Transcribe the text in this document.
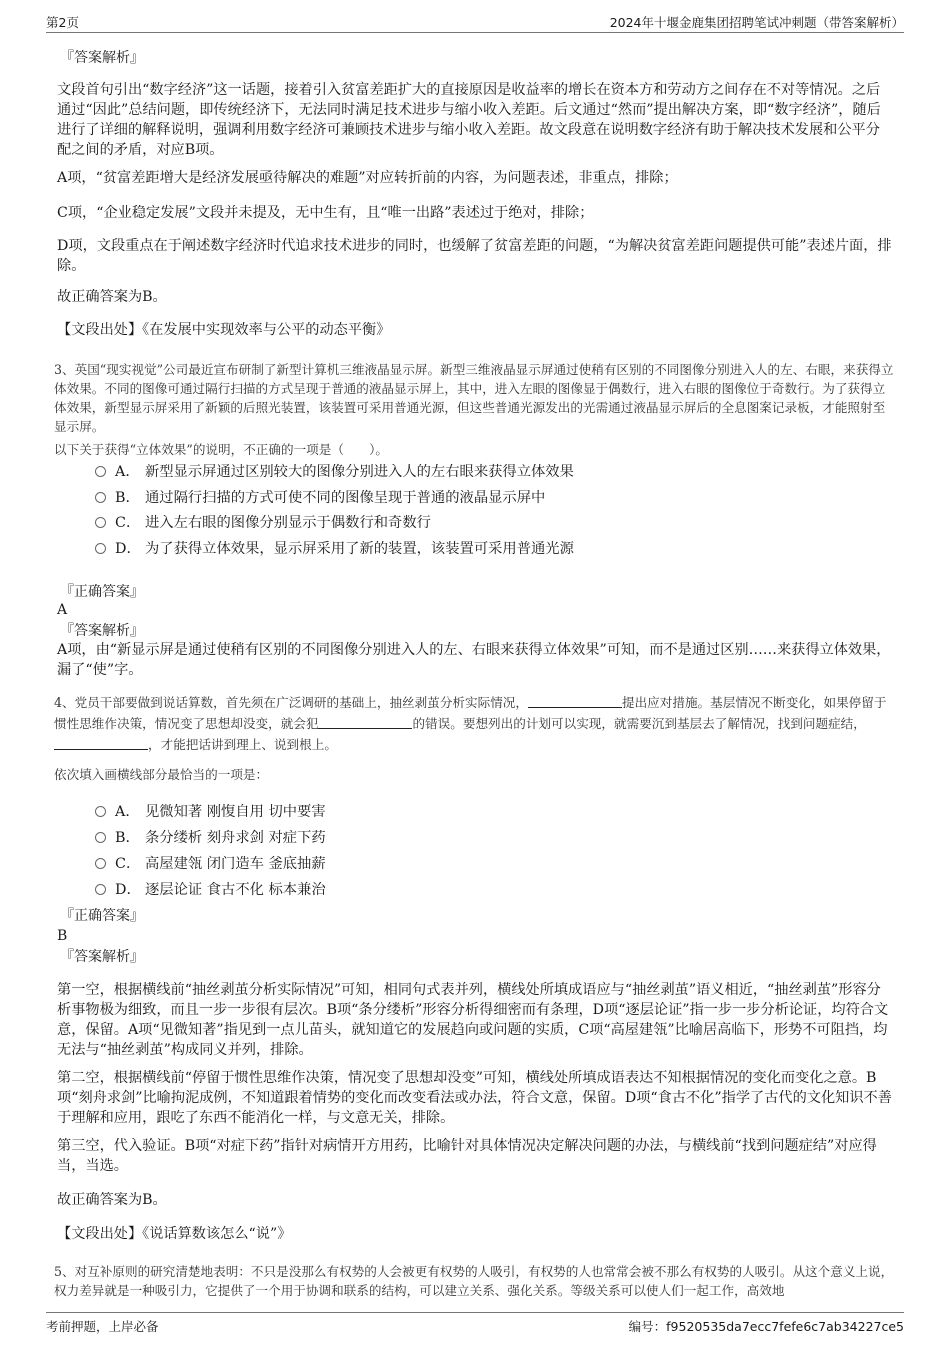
第2页	2024年十堰金鹿集团招聘笔试冲刺题（带答案解析）
『答案解析』
文段首句引出“数字经济”这一话题，接着引入贫富差距扩大的直接原因是收益率的增长在资本方和劳动方之间存在不对等情况。之后通过“因此”总结问题，即传统经济下，无法同时满足技术进步与缩小收入差距。后文通过“然而”提出解决方案，即“数字经济”，随后进行了详细的解释说明，强调利用数字经济可兼顾技术进步与缩小收入差距。故文段意在说明数字经济有助于解决技术发展和公平分配之间的矛盾，对应B项。
A项，“贫富差距增大是经济发展亟待解决的难题”对应转折前的内容，为问题表述，非重点，排除；
C项，“企业稳定发展”文段并未提及，无中生有，且“唯一出路”表述过于绝对，排除；
D项，文段重点在于阐述数字经济时代追求技术进步的同时，也缓解了贫富差距的问题，“为解决贫富差距问题提供可能”表述片面，排除。
故正确答案为B。
【文段出处】《在发展中实现效率与公平的动态平衡》
3、英国“现实视觉”公司最近宣布研制了新型计算机三维液晶显示屏。新型三维液晶显示屏通过使稍有区别的不同图像分别进入人的左、右眼，来获得立体效果。不同的图像可通过隔行扫描的方式呈现于普通的液晶显示屏上，其中，进入左眼的图像显于偶数行，进入右眼的图像位于奇数行。为了获得立体效果，新型显示屏采用了新颖的后照光装置，该装置可采用普通光源，但这些普通光源发出的光需通过液晶显示屏后的全息图案记录板，才能照射至显示屏。
以下关于获得“立体效果”的说明，不正确的一项是（　　）。
A． 新型显示屏通过区别较大的图像分别进入人的左右眼来获得立体效果
B． 通过隔行扫描的方式可使不同的图像呈现于普通的液晶显示屏中
C． 进入左右眼的图像分别显示于偶数行和奇数行
D． 为了获得立体效果，显示屏采用了新的装置，该装置可采用普通光源
『正确答案』
A
『答案解析』
A项，由“新显示屏是通过使稍有区别的不同图像分别进入人的左、右眼来获得立体效果”可知，而不是通过区别……来获得立体效果，漏了“使”字。
4、党员干部要做到说话算数，首先须在广泛调研的基础上，抽丝剥茧分析实际情况，	提出应对措施。基层情况不断变化，如果停留于惯性思维作决策，情况变了思想却没变，就会犯	的错误。要想列出的计划可以实现，就需要沉到基层去了解情况，找到问题症结，，才能把话讲到理上、说到根上。
依次填入画横线部分最恰当的一项是：
A． 见微知著 刚愎自用 切中要害
B． 条分缕析 刻舟求剑 对症下药
C． 高屋建瓴 闭门造车 釜底抽薪
D． 逐层论证 食古不化 标本兼治
『正确答案』
B
『答案解析』
第一空，根据横线前“抽丝剥茧分析实际情况”可知，相同句式表并列，横线处所填成语应与“抽丝剥茧”语义相近，“抽丝剥茧”形容分析事物极为细致，而且一步一步很有层次。B项“条分缕析”形容分析得细密而有条理，D项“逐层论证”指一步一步分析论证，均符合文意，保留。A项“见微知著”指见到一点儿苗头，就知道它的发展趋向或问题的实质，C项“高屋建瓴”比喻居高临下，形势不可阻挡，均无法与“抽丝剥茧”构成同义并列，排除。
第二空，根据横线前“停留于惯性思维作决策，情况变了思想却没变”可知，横线处所填成语表达不知根据情况的变化而变化之意。B项“刻舟求剑”比喻拘泥成例，不知道跟着情势的变化而改变看法或办法，符合文意，保留。D项“食古不化”指学了古代的文化知识不善于理解和应用，跟吃了东西不能消化一样，与文意无关，排除。
第三空，代入验证。B项“对症下药”指针对病情开方用药，比喻针对具体情况决定解决问题的办法，与横线前“找到问题症结”对应得当，当选。
故正确答案为B。
【文段出处】《说话算数该怎么“说”》
5、对互补原则的研究清楚地表明：不只是没那么有权势的人会被更有权势的人吸引，有权势的人也常常会被不那么有权势的人吸引。从这个意义上说，权力差异就是一种吸引力，它提供了一个用于协调和联系的结构，可以建立关系、强化关系。等级关系可以使人们一起工作，高效地
考前押题，上岸必备	编号：f9520535da7ecc7fefe6c7ab34227ce5
